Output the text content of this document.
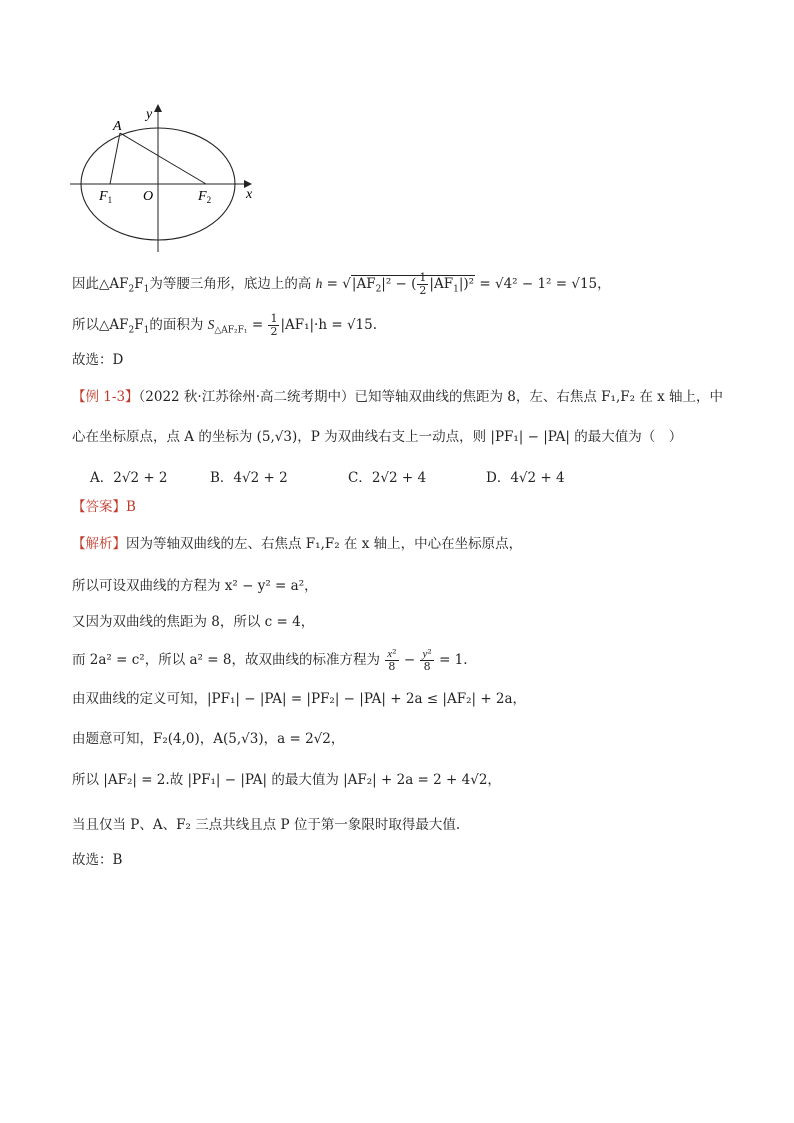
y
x
A
$F_1$ O	$F_2$
因此$\triangle AF_2F_1$为等腰三角形，底边上的高 $h = √|AF_2|^2$ − ( $\frac{1}{2} |AF_1|)^2 = √4^2 - 1^2 = √15$，
所以$\triangle AF_2F_1$的面积为 $S_{\triangle AF_2F_1} = \frac{1}{2} |AF_1|\cdot h = √15$.
故选：D
【例 1-3】（2022 秋·江苏徐州·高二统考期中）已知等轴双曲线的焦距为 8，左、右焦点 F₁,F₂ 在 x 轴上，中
心在坐标原点，点 A 的坐标为 (5,√3)，P 为双曲线右支上一动点，则 |PF₁| − |PA| 的最大值为（　）
A．2√2 + 2	B．4√2 + 2	C．2√2 + 4	D．4√2 + 4
【答案】B
【解析】因为等轴双曲线的左、右焦点 F₁,F₂ 在 x 轴上，中心在坐标原点，
所以可设双曲线的方程为 x² − y² = a²，
又因为双曲线的焦距为 8，所以 c = 4，
而 2a² = c²，所以 a² = 8，故双曲线的标准方程为 $\frac{\text{x²}}{8} - \frac{\text{y²}}{8} = 1$.
由双曲线的定义可知，|PF₁| − |PA| = |PF₂| − |PA| + 2a ≤ |AF₂| + 2a，
由题意可知，F₂(4,0)，A(5,√3)，a = 2√2，
所以 |AF₂| = 2.故 |PF₁| − |PA| 的最大值为 |AF₂| + 2a = 2 + 4√2，
当且仅当 P、A、F₂ 三点共线且点 P 位于第一象限时取得最大值.
故选：B
